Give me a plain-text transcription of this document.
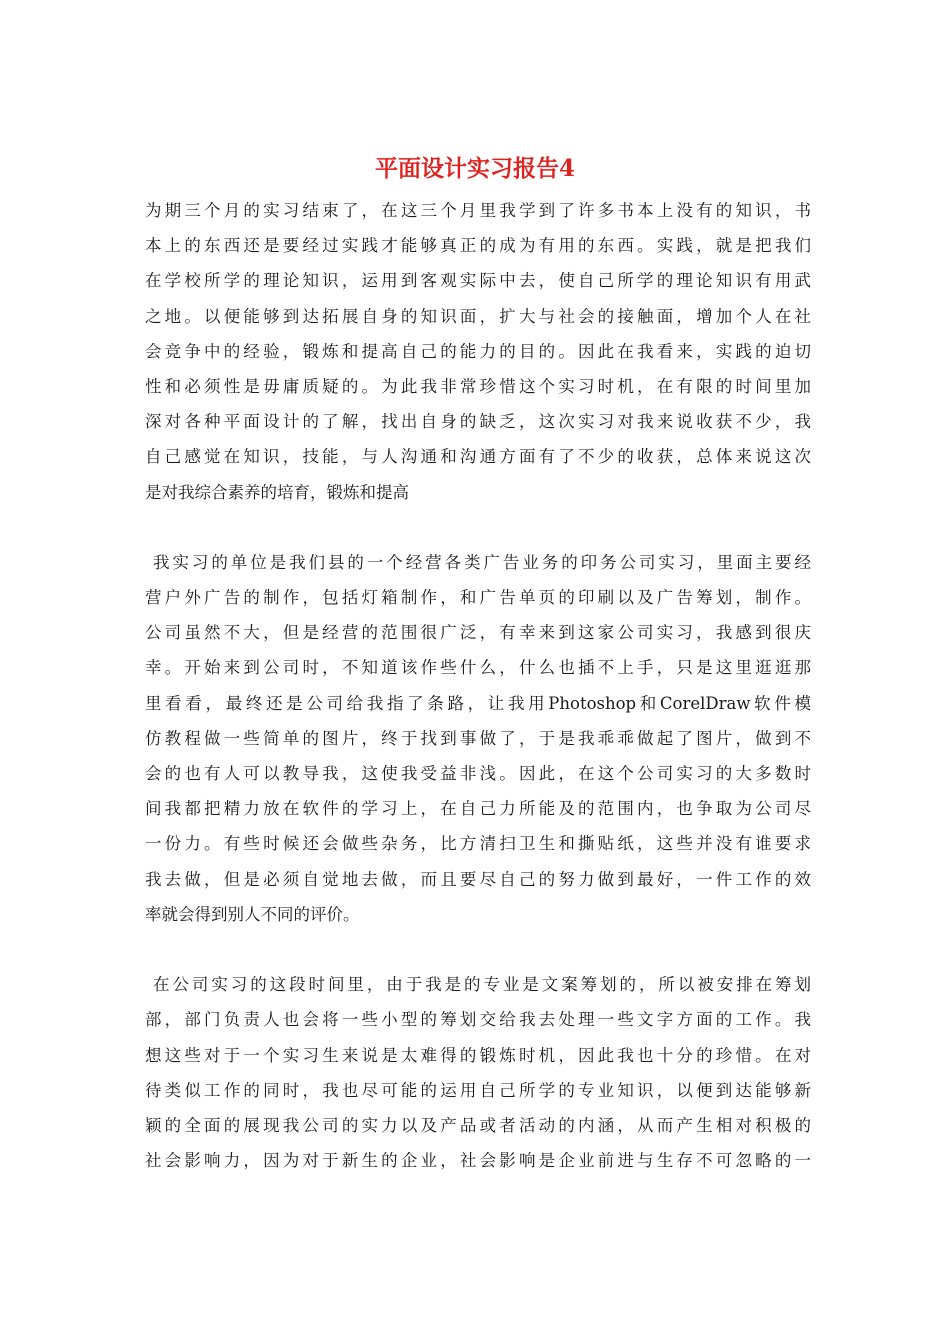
平面设计实习报告4
为期三个月的实习结束了，在这三个月里我学到了许多书本上没有的知识，书
本上的东西还是要经过实践才能够真正的成为有用的东西。实践，就是把我们
在学校所学的理论知识，运用到客观实际中去，使自己所学的理论知识有用武
之地。以便能够到达拓展自身的知识面，扩大与社会的接触面，增加个人在社
会竞争中的经验，锻炼和提高自己的能力的目的。因此在我看来，实践的迫切
性和必须性是毋庸质疑的。为此我非常珍惜这个实习时机，在有限的时间里加
深对各种平面设计的了解，找出自身的缺乏，这次实习对我来说收获不少，我
自己感觉在知识，技能，与人沟通和沟通方面有了不少的收获，总体来说这次
是对我综合素养的培育，锻炼和提高
我实习的单位是我们县的一个经营各类广告业务的印务公司实习，里面主要经
营户外广告的制作，包括灯箱制作，和广告单页的印刷以及广告筹划，制作。
公司虽然不大，但是经营的范围很广泛，有幸来到这家公司实习，我感到很庆
幸。开始来到公司时，不知道该作些什么，什么也插不上手，只是这里逛逛那
里看看，最终还是公司给我指了条路，让我用Photoshop和CorelDraw软件模
仿教程做一些简单的图片，终于找到事做了，于是我乖乖做起了图片，做到不
会的也有人可以教导我，这使我受益非浅。因此，在这个公司实习的大多数时
间我都把精力放在软件的学习上，在自己力所能及的范围内，也争取为公司尽
一份力。有些时候还会做些杂务，比方清扫卫生和撕贴纸，这些并没有谁要求
我去做，但是必须自觉地去做，而且要尽自己的努力做到最好，一件工作的效
率就会得到别人不同的评价。
在公司实习的这段时间里，由于我是的专业是文案筹划的，所以被安排在筹划
部，部门负责人也会将一些小型的筹划交给我去处理一些文字方面的工作。我
想这些对于一个实习生来说是太难得的锻炼时机，因此我也十分的珍惜。在对
待类似工作的同时，我也尽可能的运用自己所学的专业知识，以便到达能够新
颖的全面的展现我公司的实力以及产品或者活动的内涵，从而产生相对积极的
社会影响力，因为对于新生的企业，社会影响是企业前进与生存不可忽略的一
